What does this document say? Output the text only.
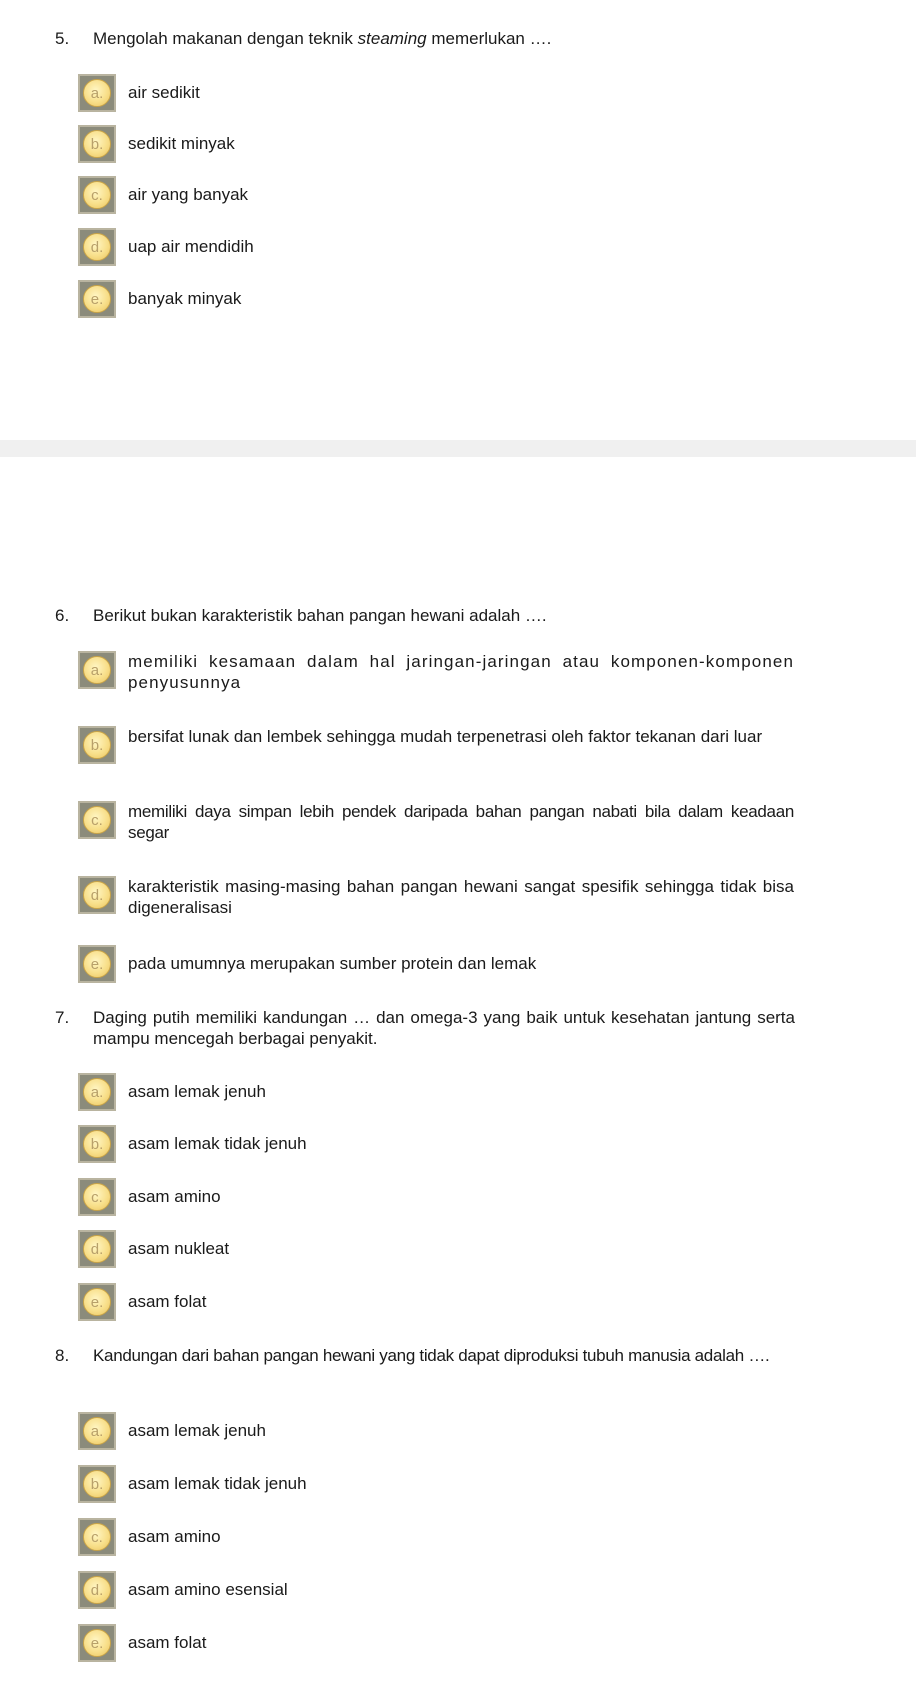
5.	Mengolah makanan dengan teknik steaming memerlukan ….
a.	air sedikit
b.	sedikit minyak
c.	air yang banyak
d.	uap air mendidih
e.	banyak minyak
6.	Berikut bukan karakteristik bahan pangan hewani adalah ….
a.	memiliki kesamaan dalam hal jaringan-jaringan atau komponen-komponen penyusunnya
b.	bersifat lunak dan lembek sehingga mudah terpenetrasi oleh faktor tekanan dari luar
c.	memiliki daya simpan lebih pendek daripada bahan pangan nabati bila dalam keadaan segar
d.	karakteristik masing-masing bahan pangan hewani sangat spesifik sehingga tidak bisa digeneralisasi
e.	pada umumnya merupakan sumber protein dan lemak
7.	Daging putih memiliki kandungan … dan omega-3 yang baik untuk kesehatan jantung serta mampu mencegah berbagai penyakit.
a.	asam lemak jenuh
b.	asam lemak tidak jenuh
c.	asam amino
d.	asam nukleat
e.	asam folat
8.	Kandungan dari bahan pangan hewani yang tidak dapat diproduksi tubuh manusia adalah ….
a.	asam lemak jenuh
b.	asam lemak tidak jenuh
c.	asam amino
d.	asam amino esensial
e.	asam folat
